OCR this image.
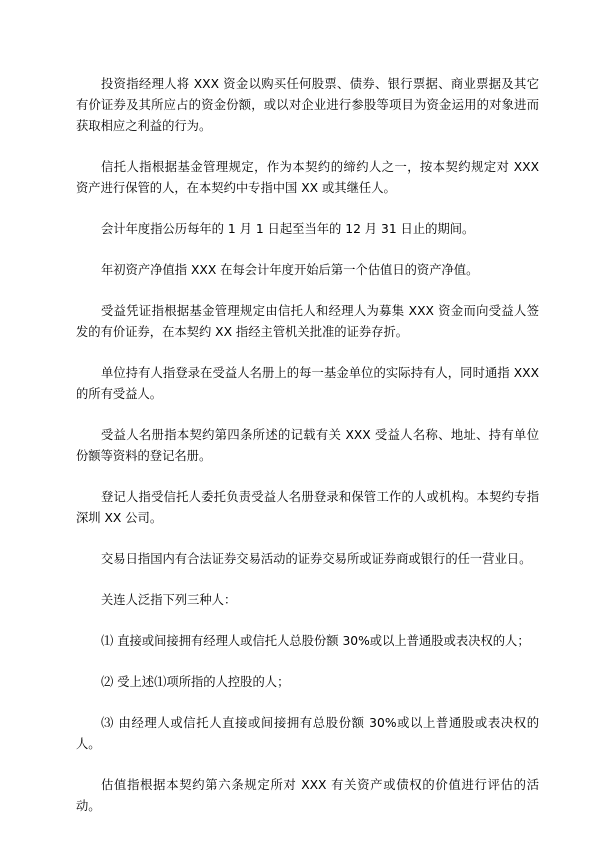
投资指经理人将 XXX 资金以购买任何股票、债券、银行票据、商业票据及其它有价证券及其所应占的资金份额，或以对企业进行参股等项目为资金运用的对象进而获取相应之利益的行为。

信托人指根据基金管理规定，作为本契约的缔约人之一，按本契约规定对 XXX 资产进行保管的人，在本契约中专指中国 XX 或其继任人。

会计年度指公历每年的 1 月 1 日起至当年的 12 月 31 日止的期间。

年初资产净值指 XXX 在每会计年度开始后第一个估值日的资产净值。

受益凭证指根据基金管理规定由信托人和经理人为募集 XXX 资金而向受益人签发的有价证券，在本契约 XX 指经主管机关批准的证券存折。

单位持有人指登录在受益人名册上的每一基金单位的实际持有人，同时通指 XXX 的所有受益人。

受益人名册指本契约第四条所述的记载有关 XXX 受益人名称、地址、持有单位份额等资料的登记名册。

登记人指受信托人委托负责受益人名册登录和保管工作的人或机构。本契约专指深圳 XX 公司。

交易日指国内有合法证券交易活动的证券交易所或证券商或银行的任一营业日。

关连人泛指下列三种人：

⑴ 直接或间接拥有经理人或信托人总股份额 30%或以上普通股或表决权的人；

⑵ 受上述⑴项所指的人控股的人；

⑶ 由经理人或信托人直接或间接拥有总股份额 30%或以上普通股或表决权的人。

估值指根据本契约第六条规定所对 XXX 有关资产或债权的价值进行评估的活动。
